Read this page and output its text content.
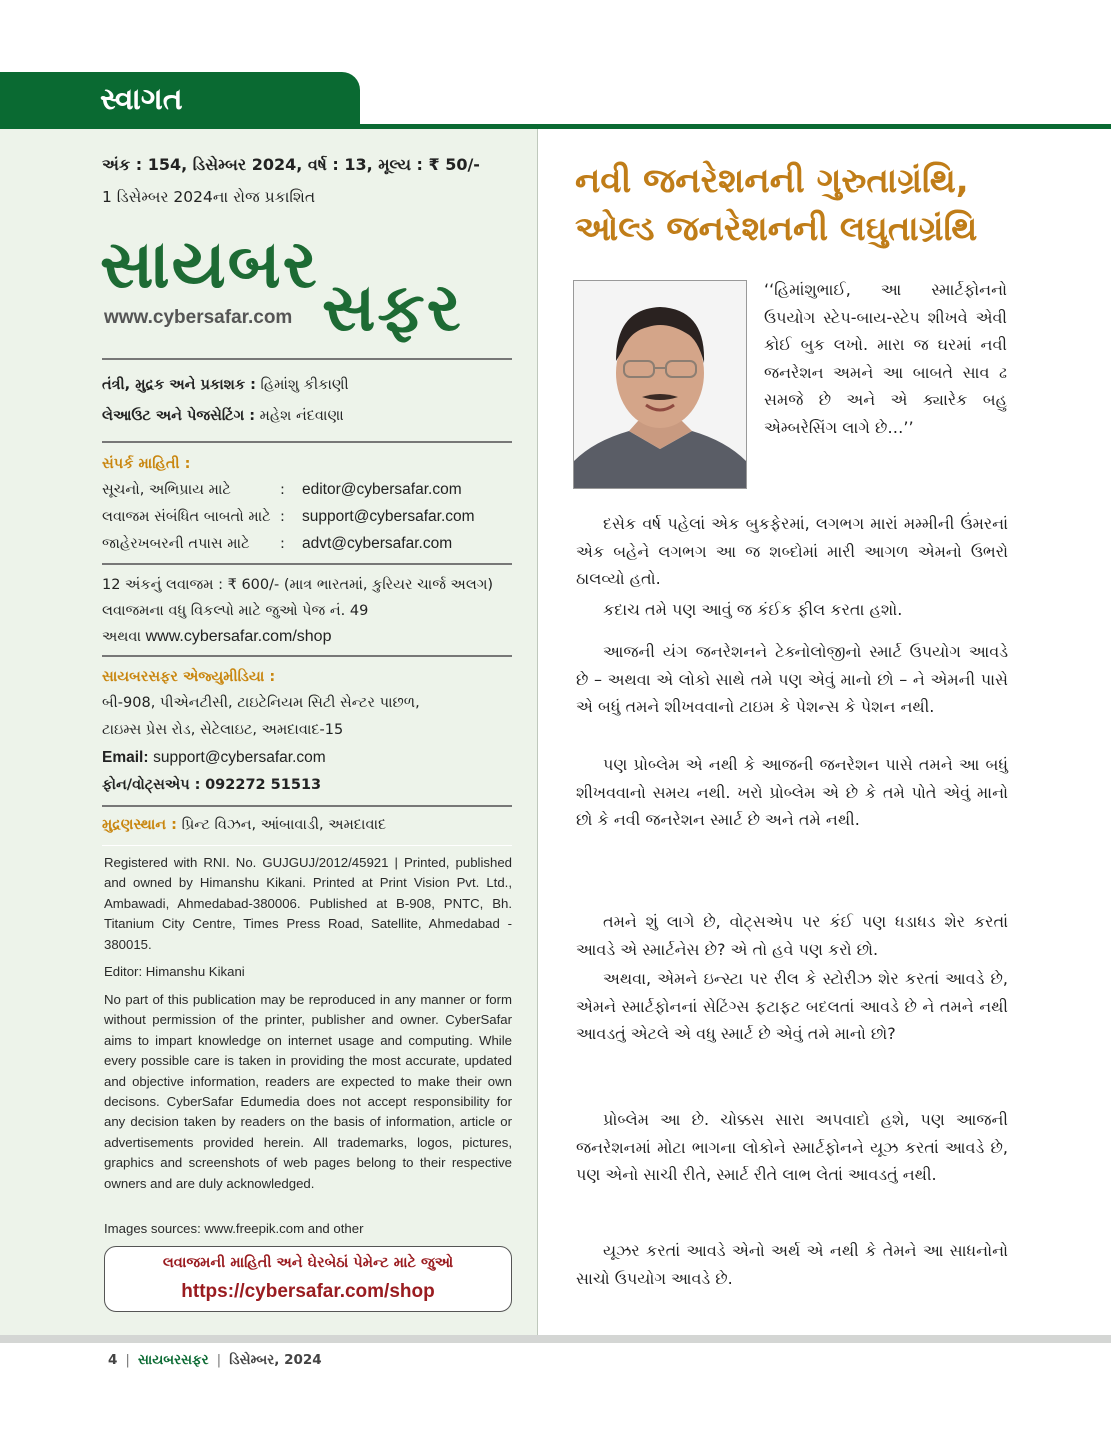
સ્વાગત
અંક : 154, ડિસેમ્બર 2024, વર્ષ : 13, મૂલ્ય : ₹ 50/-
1 ડિસેમ્બર 2024ના રોજ પ્રકાશિત
સાયબર
સફર
www.cybersafar.com
તંત્રી, મુદ્રક અને પ્રકાશક : હિમાંશુ કીકાણી
લેઆઉટ અને પેજસેટિંગ : મહેશ નંદવાણા
સંપર્ક માહિતી :
સૂચનો, અભિપ્રાય માટે	: editor@cybersafar.com
લવાજમ સંબંધિત બાબતો માટે : support@cybersafar.com
જાહેરખબરની તપાસ માટે : advt@cybersafar.com
12 અંકનું લવાજમ : ₹ 600/- (માત્ર ભારતમાં, કુરિયર ચાર્જ અલગ)
લવાજમના વધુ વિકલ્પો માટે જુઓ પેજ નં. 49
અથવા www.cybersafar.com/shop
સાયબરસફર એજ્યુમીડિયા :
બી-908, પીએનટીસી, ટાઇટેનિયમ સિટી સેન્ટર પાછળ,
ટાઇમ્સ પ્રેસ રોડ, સેટેલાઇટ, અમદાવાદ-15
Email: support@cybersafar.com
ફોન/વોટ્સએપ : 092272 51513
મુદ્રણસ્થાન : પ્રિન્ટ વિઝન, આંબાવાડી, અમદાવાદ
Registered with RNI. No. GUJGUJ/2012/45921 | Printed, published and owned by Himanshu Kikani. Printed at Print Vision Pvt. Ltd., Ambawadi, Ahmedabad-380006. Published at B-908, PNTC, Bh. Titanium City Centre, Times Press Road, Satellite, Ahmedabad - 380015.
Editor: Himanshu Kikani
No part of this publication may be reproduced in any manner or form without permission of the printer, publisher and owner. CyberSafar aims to impart knowledge on internet usage and computing. While every possible care is taken in providing the most accurate, updated and objective information, readers are expected to make their own decisons. CyberSafar Edumedia does not accept responsibility for any decision taken by readers on the basis of information, article or advertisements provided herein. All trademarks, logos, pictures, graphics and screenshots of web pages belong to their respective owners and are duly acknowledged.
Images sources: www.freepik.com and other
લવાજમની માહિતી અને ઘેરબેઠાં પેમેન્ટ માટે જુઓ
https://cybersafar.com/shop
નવી જનરેશનની ગુરુતાગ્રંથિ,
ઓલ્ડ જનરેશનની લઘુતાગ્રંથિ
‘‘હિમાંશુભાઈ, આ સ્માર્ટફોનનો ઉપયોગ સ્ટેપ-બાય-સ્ટેપ શીખવે એવી કોઈ બુક લખો. મારા જ ઘરમાં નવી જનરેશન અમને આ બાબતે સાવ ઢ સમજે છે અને એ ક્યારેક બહુ એમ્બરેસિંગ લાગે છે…’’
દસેક વર્ષ પહેલાં એક બુકફેરમાં, લગભગ મારાં મમ્મીની ઉંમરનાં એક બહેને લગભગ આ જ શબ્દોમાં મારી આગળ એમનો ઉભરો ઠાલવ્યો હતો.
કદાચ તમે પણ આવું જ કંઈક ફીલ કરતા હશો.
આજની યંગ જનરેશનને ટેક્નોલોજીનો સ્માર્ટ ઉપયોગ આવડે છે – અથવા એ લોકો સાથે તમે પણ એવું માનો છો – ને એમની પાસે એ બધું તમને શીખવવાનો ટાઇમ કે પેશન્સ કે પેશન નથી.
પણ પ્રોબ્લેમ એ નથી કે આજની જનરેશન પાસે તમને આ બધું શીખવવાનો સમય નથી. ખરો પ્રોબ્લેમ એ છે કે તમે પોતે એવું માનો છો કે નવી જનરેશન સ્માર્ટ છે અને તમે નથી.
તમને શું લાગે છે, વોટ્સએપ પર કંઈ પણ ધડાધડ શેર કરતાં આવડે એ સ્માર્ટનેસ છે? એ તો હવે પણ કરો છો.
અથવા, એમને ઇન્સ્ટા પર રીલ કે સ્ટોરીઝ શેર કરતાં આવડે છે, એમને સ્માર્ટફોનનાં સેટિંગ્સ ફટાફટ બદલતાં આવડે છે ને તમને નથી આવડતું એટલે એ વધુ સ્માર્ટ છે એવું તમે માનો છો?
પ્રોબ્લેમ આ છે. ચોક્કસ સારા અપવાદો હશે, પણ આજની જનરેશનમાં મોટા ભાગના લોકોને સ્માર્ટફોનને યૂઝ કરતાં આવડે છે, પણ એનો સાચી રીતે, સ્માર્ટ રીતે લાભ લેતાં આવડતું નથી.
યૂઝર કરતાં આવડે એનો અર્થ એ નથી કે તેમને આ સાધનોનો સાચો ઉપયોગ આવડે છે.
4 | સાયબરસફર | ડિસેમ્બર, 2024
